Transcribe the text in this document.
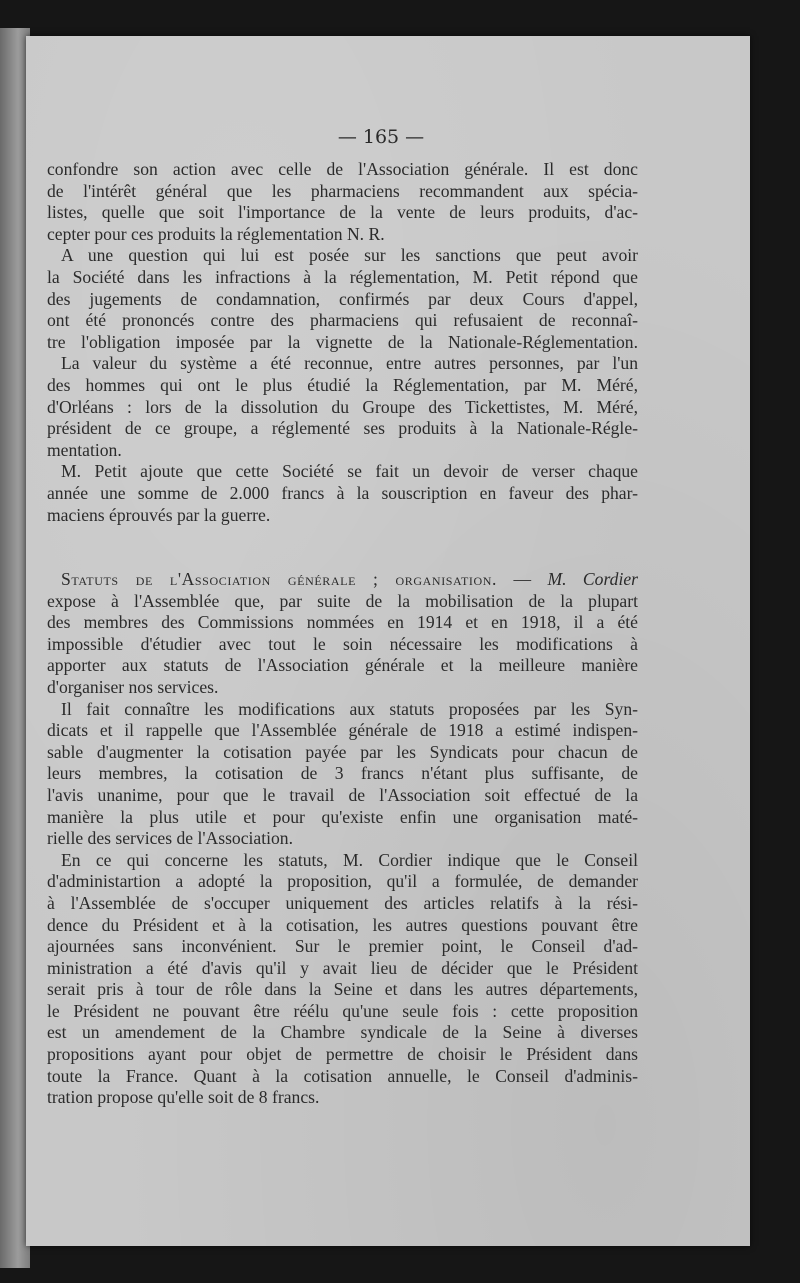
— 165 —
confondre son action avec celle de l'Association générale. Il est donc
de l'intérêt général que les pharmaciens recommandent aux spécia-
listes, quelle que soit l'importance de la vente de leurs produits, d'ac-
cepter pour ces produits la réglementation N. R.
A une question qui lui est posée sur les sanctions que peut avoir
la Société dans les infractions à la réglementation, M. Petit répond que
des jugements de condamnation, confirmés par deux Cours d'appel,
ont été prononcés contre des pharmaciens qui refusaient de reconnaî-
tre l'obligation imposée par la vignette de la Nationale-Réglementation.
La valeur du système a été reconnue, entre autres personnes, par l'un
des hommes qui ont le plus étudié la Réglementation, par M. Méré,
d'Orléans : lors de la dissolution du Groupe des Tickettistes, M. Méré,
président de ce groupe, a réglementé ses produits à la Nationale-Régle-
mentation.
M. Petit ajoute que cette Société se fait un devoir de verser chaque
année une somme de 2.000 francs à la souscription en faveur des phar-
maciens éprouvés par la guerre.
Statuts de l'Association générale ; organisation. — M. Cordier
expose à l'Assemblée que, par suite de la mobilisation de la plupart
des membres des Commissions nommées en 1914 et en 1918, il a été
impossible d'étudier avec tout le soin nécessaire les modifications à
apporter aux statuts de l'Association générale et la meilleure manière
d'organiser nos services.
Il fait connaître les modifications aux statuts proposées par les Syn-
dicats et il rappelle que l'Assemblée générale de 1918 a estimé indispen-
sable d'augmenter la cotisation payée par les Syndicats pour chacun de
leurs membres, la cotisation de 3 francs n'étant plus suffisante, de
l'avis unanime, pour que le travail de l'Association soit effectué de la
manière la plus utile et pour qu'existe enfin une organisation maté-
rielle des services de l'Association.
En ce qui concerne les statuts, M. Cordier indique que le Conseil
d'administartion a adopté la proposition, qu'il a formulée, de demander
à l'Assemblée de s'occuper uniquement des articles relatifs à la rési-
dence du Président et à la cotisation, les autres questions pouvant être
ajournées sans inconvénient. Sur le premier point, le Conseil d'ad-
ministration a été d'avis qu'il y avait lieu de décider que le Président
serait pris à tour de rôle dans la Seine et dans les autres départements,
le Président ne pouvant être réélu qu'une seule fois : cette proposition
est un amendement de la Chambre syndicale de la Seine à diverses
propositions ayant pour objet de permettre de choisir le Président dans
toute la France. Quant à la cotisation annuelle, le Conseil d'adminis-
tration propose qu'elle soit de 8 francs.
